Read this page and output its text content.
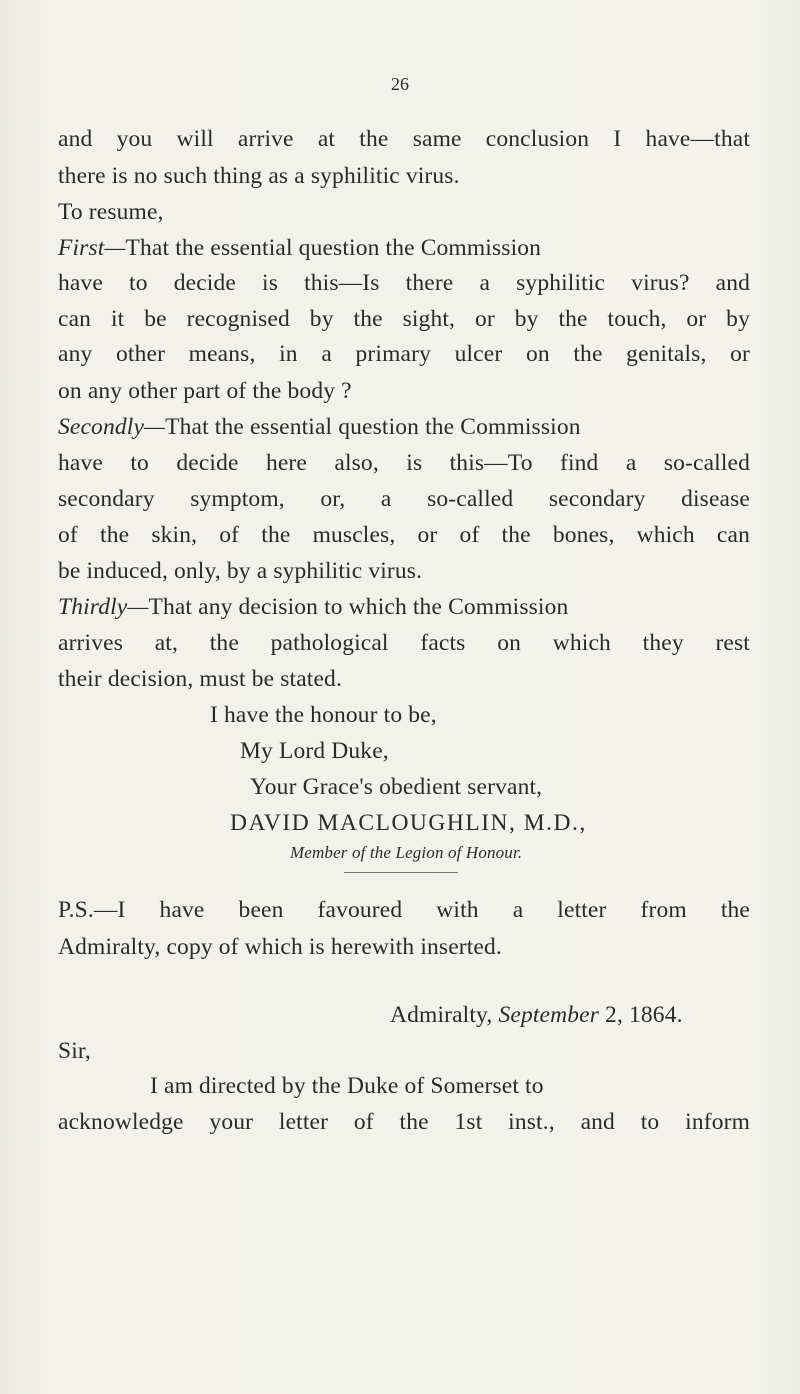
26
and you will arrive at the same conclusion I have—that
there is no such thing as a syphilitic virus.
To resume,
First—That the essential question the Commission
have to decide is this—Is there a syphilitic virus? and
can it be recognised by the sight, or by the touch, or by
any other means, in a primary ulcer on the genitals, or
on any other part of the body ?
Secondly—That the essential question the Commission
have to decide here also, is this—To find a so-called
secondary symptom, or, a so-called secondary disease
of the skin, of the muscles, or of the bones, which can
be induced, only, by a syphilitic virus.
Thirdly—That any decision to which the Commission
arrives at, the pathological facts on which they rest
their decision, must be stated.
I have the honour to be,
My Lord Duke,
Your Grace's obedient servant,
DAVID MACLOUGHLIN, M.D.,
Member of the Legion of Honour.
P.S.—I have been favoured with a letter from the
Admiralty, copy of which is herewith inserted.
Admiralty, September 2, 1864.
Sir,
I am directed by the Duke of Somerset to
acknowledge your letter of the 1st inst., and to inform
